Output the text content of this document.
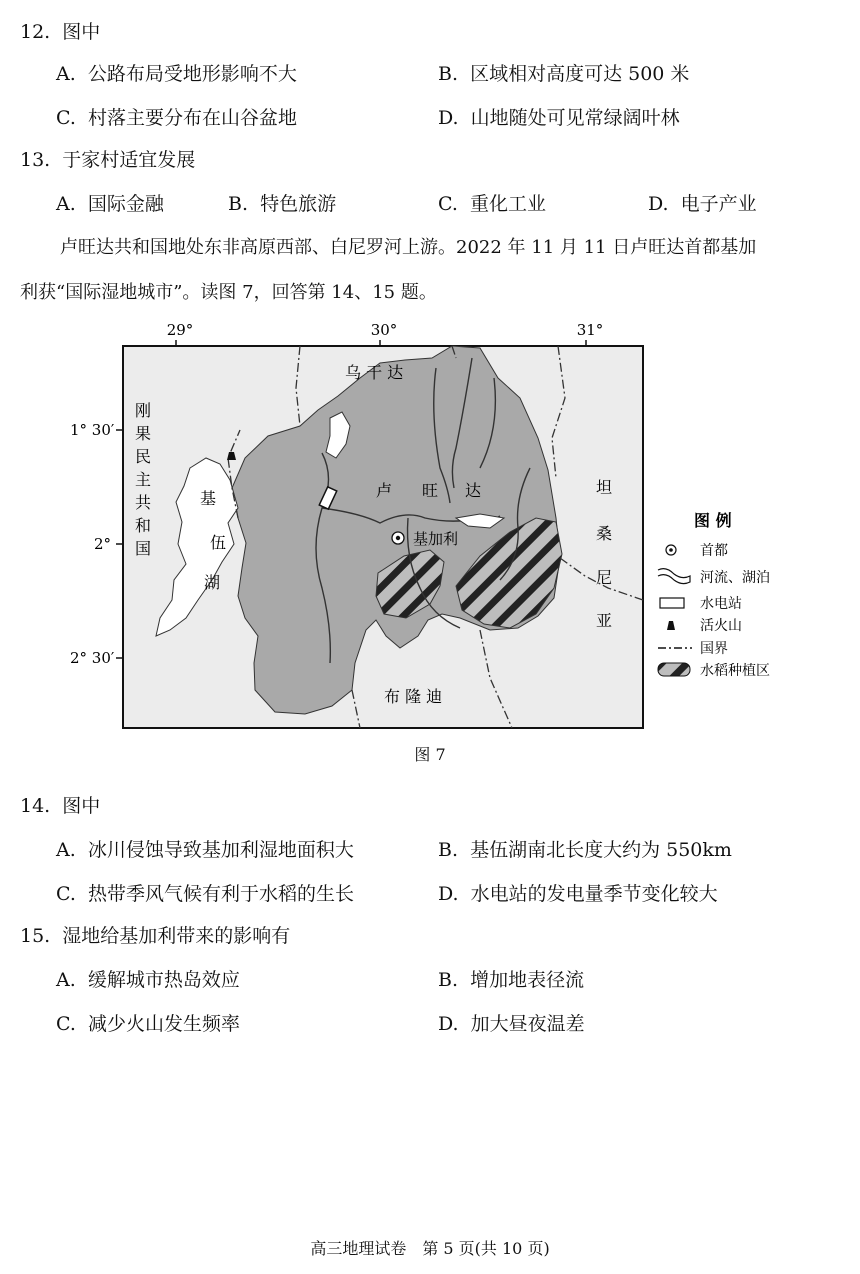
12. 图中
A. 公路布局受地形影响不大	B. 区域相对高度可达 500 米
C. 村落主要分布在山谷盆地	D. 山地随处可见常绿阔叶林
13. 于家村适宜发展
A. 国际金融	B. 特色旅游	C. 重化工业	D. 电子产业
卢旺达共和国地处东非高原西部、白尼罗河上游。2022 年 11 月 11 日卢旺达首都基加
利获“国际湿地城市”。读图 7，回答第 14、15 题。
29°	30°	31°
1° 30′
2°
2° 30′
基加利
乌 干 达
卢 旺 达
布 隆 迪
刚
果
民
主
共
和
国
坦
桑
尼
亚
基
伍
湖
图 例
首都
河流、湖泊
水电站
活火山
国界
水稻种植区
图 7
14. 图中
A. 冰川侵蚀导致基加利湿地面积大	B. 基伍湖南北长度大约为 550km
C. 热带季风气候有利于水稻的生长	D. 水电站的发电量季节变化较大
15. 湿地给基加利带来的影响有
A. 缓解城市热岛效应	B. 增加地表径流
C. 减少火山发生频率	D. 加大昼夜温差
高三地理试卷　第 5 页(共 10 页)
